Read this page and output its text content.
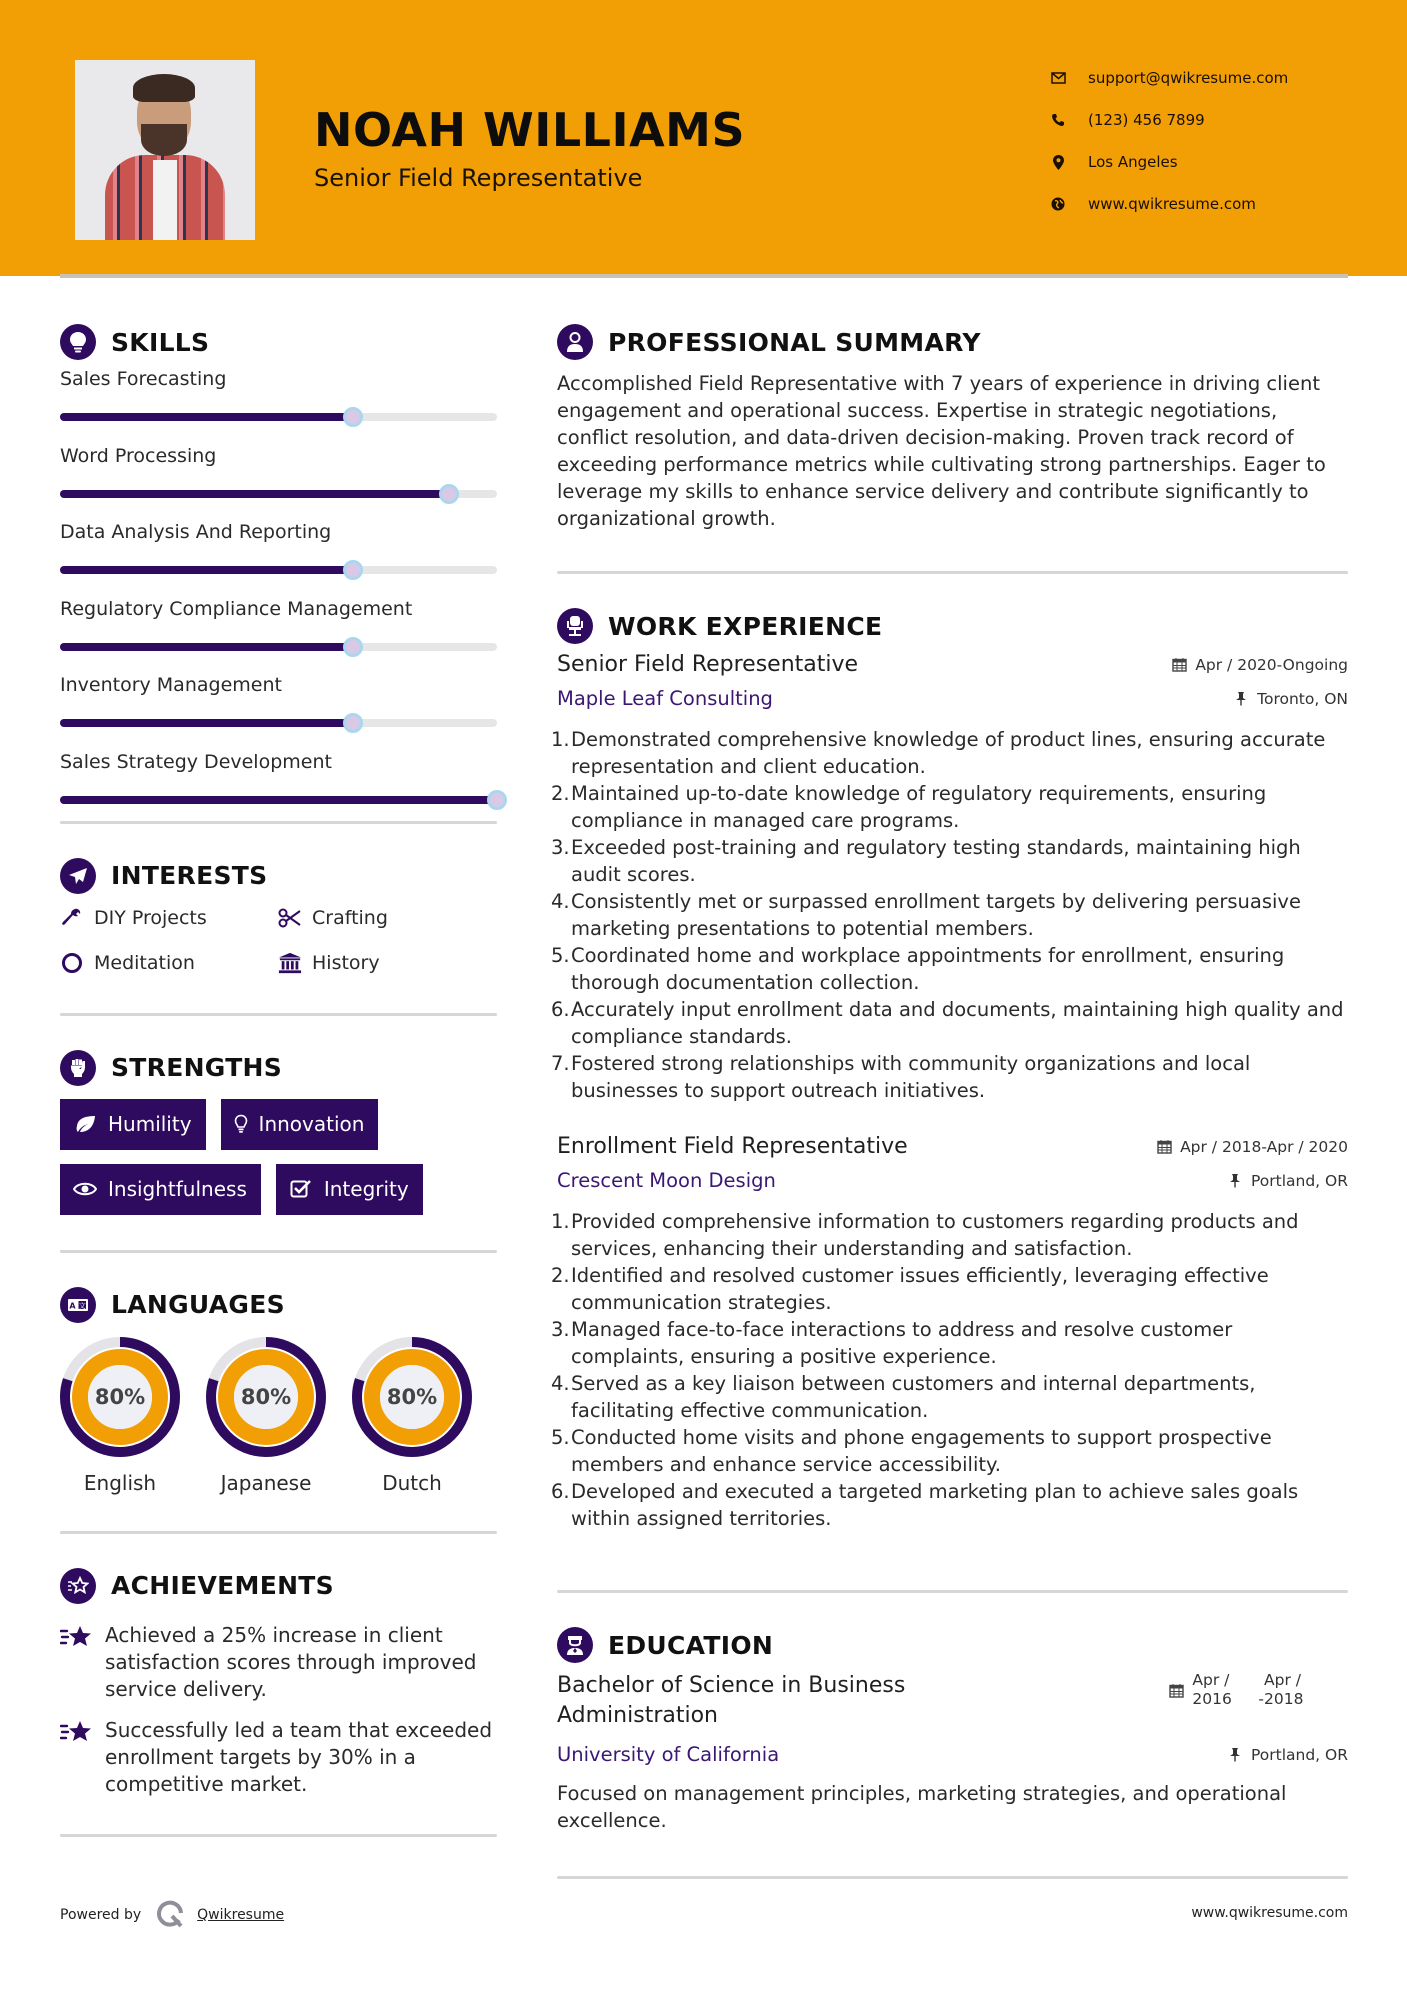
NOAH WILLIAMS
Senior Field Representative
support@qwikresume.com
(123) 456 7899
Los Angeles
www.qwikresume.com
SKILLS
Sales Forecasting
Word Processing
Data Analysis And Reporting
Regulatory Compliance Management
Inventory Management
Sales Strategy Development
INTERESTS
DIY Projects	Crafting
Meditation	History
STRENGTHS
Humility	Innovation
Insightfulness	Integrity
A 文 LANGUAGES
80%
English
80%
Japanese
80%
Dutch
ACHIEVEMENTS
Achieved a 25% increase in client satisfaction scores through improved service delivery.
Successfully led a team that exceeded enrollment targets by 30% in a competitive market.
PROFESSIONAL SUMMARY

Accomplished Field Representative with 7 years of experience in driving client engagement and operational success. Expertise in strategic negotiations, conflict resolution, and data-driven decision-making. Proven track record of exceeding performance metrics while cultivating strong partnerships. Eager to leverage my skills to enhance service delivery and contribute significantly to organizational growth.

WORK EXPERIENCE
Senior Field Representative	Apr / 2020-Ongoing
Maple Leaf Consulting	Toronto, ON
1. Demonstrated comprehensive knowledge of product lines, ensuring accurate representation and client education.
2. Maintained up-to-date knowledge of regulatory requirements, ensuring compliance in managed care programs.
3. Exceeded post-training and regulatory testing standards, maintaining high audit scores.
4. Consistently met or surpassed enrollment targets by delivering persuasive marketing presentations to potential members.
5. Coordinated home and workplace appointments for enrollment, ensuring thorough documentation collection.
6. Accurately input enrollment data and documents, maintaining high quality and compliance standards.
7. Fostered strong relationships with community organizations and local businesses to support outreach initiatives.
Enrollment Field Representative	Apr / 2018-Apr / 2020
Crescent Moon Design	Portland, OR
1. Provided comprehensive information to customers regarding products and services, enhancing their understanding and satisfaction.
2. Identified and resolved customer issues efficiently, leveraging effective communication strategies.
3. Managed face-to-face interactions to address and resolve customer complaints, ensuring a positive experience.
4. Served as a key liaison between customers and internal departments, facilitating effective communication.
5. Conducted home visits and phone engagements to support prospective members and enhance service accessibility.
6. Developed and executed a targeted marketing plan to achieve sales goals within assigned territories.
EDUCATION
Bachelor of Science in Business Administration
Apr / 2016	-
Apr / 2018
University of California	Portland, OR

Focused on management principles, marketing strategies, and operational excellence.

Powered by	Qwikresume	www.qwikresume.com
